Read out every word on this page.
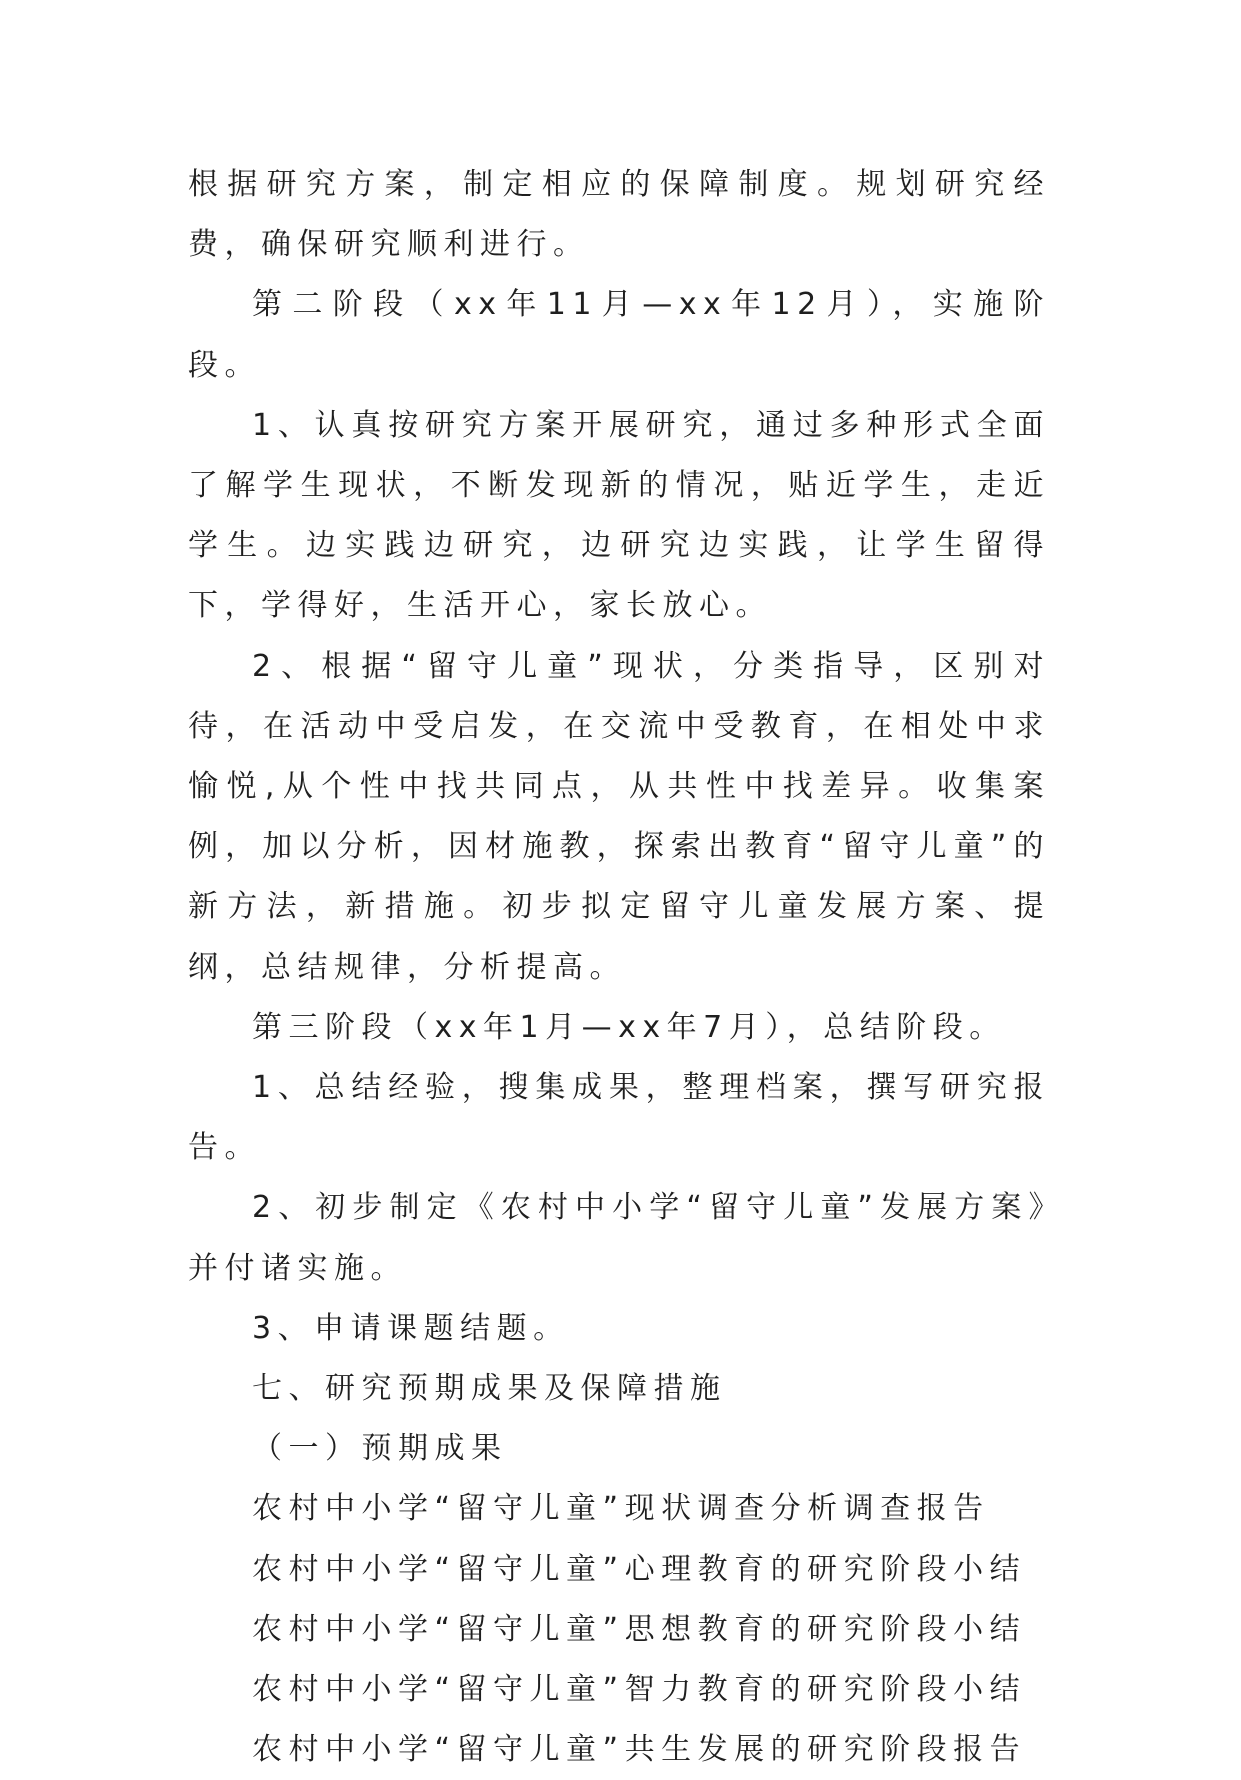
根据研究方案，制定相应的保障制度。规划研究经费，确保研究顺利进行。

第二阶段（xx年11月—xx年12月），实施阶段。

1、认真按研究方案开展研究，通过多种形式全面了解学生现状，不断发现新的情况，贴近学生，走近学生。边实践边研究，边研究边实践，让学生留得下，学得好，生活开心，家长放心。

2、根据“留守儿童”现状，分类指导，区别对待，在活动中受启发，在交流中受教育，在相处中求愉悦,从个性中找共同点，从共性中找差异。收集案例，加以分析，因材施教，探索出教育“留守儿童”的新方法，新措施。初步拟定留守儿童发展方案、提纲，总结规律，分析提高。

第三阶段（xx年1月—xx年7月），总结阶段。

1、总结经验，搜集成果，整理档案，撰写研究报告。

2、初步制定《农村中小学“留守儿童”发展方案》并付诸实施。

3、申请课题结题。

七、研究预期成果及保障措施

（一）预期成果

农村中小学“留守儿童”现状调查分析调查报告

农村中小学“留守儿童”心理教育的研究阶段小结

农村中小学“留守儿童”思想教育的研究阶段小结

农村中小学“留守儿童”智力教育的研究阶段小结

农村中小学“留守儿童”共生发展的研究阶段报告
